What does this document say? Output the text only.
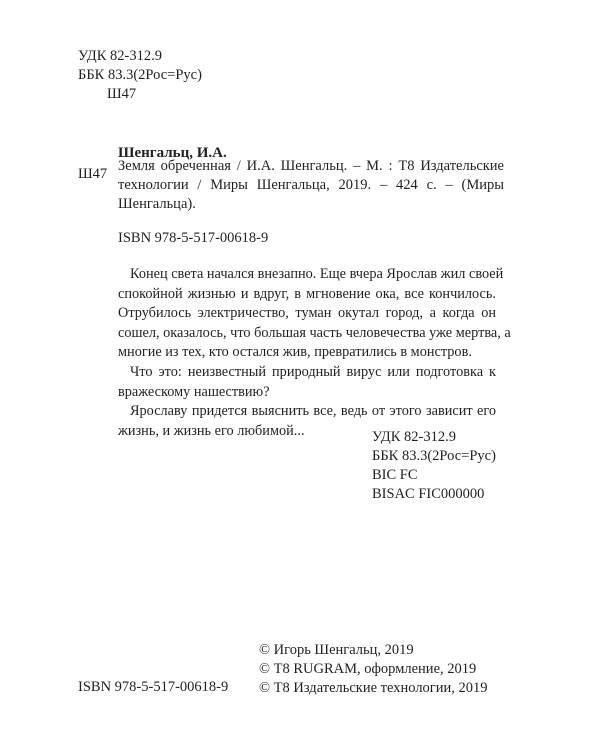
УДК 82-312.9
ББК 83.3(2Рос=Рус)
Ш47
Шенгальц, И.А.
Ш47 Земля обреченная / И.А. Шенгальц. – М. : Т8 Издательские
технологии / Миры Шенгальца, 2019. – 424 с. – (Миры
Шенгальца).
ISBN 978-5-517-00618-9
Конец света начался внезапно. Еще вчера Ярослав жил своей
спокойной жизнью и вдруг, в мгновение ока, все кончилось.
Отрубилось электричество, туман окутал город, а когда он
сошел, оказалось, что большая часть человечества уже мертва, а
многие из тех, кто остался жив, превратились в монстров.
Что это: неизвестный природный вирус или подготовка к
вражескому нашествию?
Ярославу придется выяснить все, ведь от этого зависит его
жизнь, и жизнь его любимой...	УДК 82-312.9
ББК 83.3(2Рос=Рус)
BIC FC
BISAC FIC000000
© Игорь Шенгальц, 2019
© Т8 RUGRAM, оформление, 2019
© Т8 Издательские технологии, 2019
ISBN 978-5-517-00618-9
